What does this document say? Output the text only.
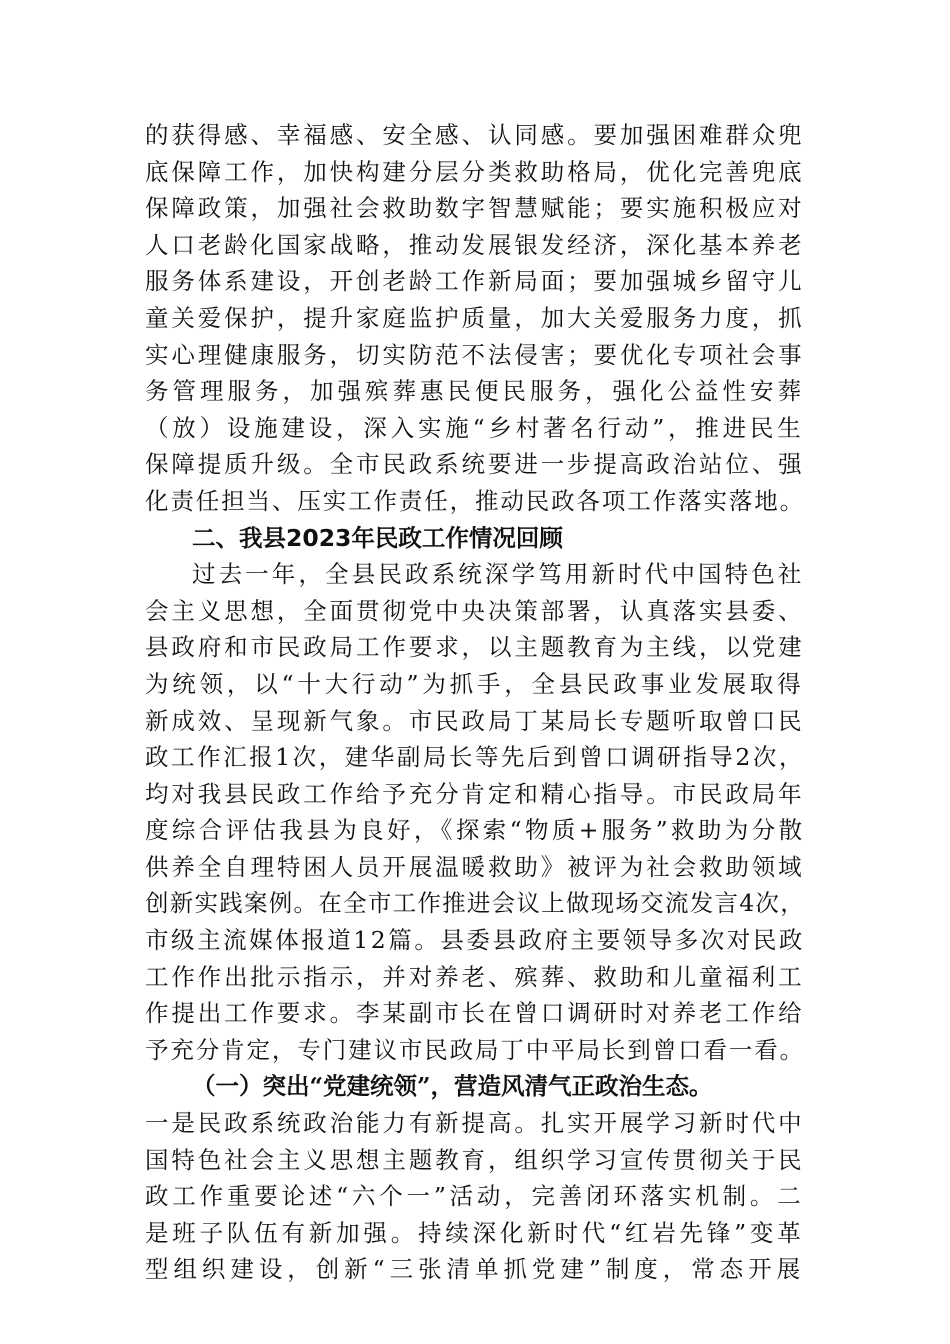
的获得感、幸福感、安全感、认同感。要加强困难群众兜
底保障工作，加快构建分层分类救助格局，优化完善兜底
保障政策，加强社会救助数字智慧赋能；要实施积极应对
人口老龄化国家战略，推动发展银发经济，深化基本养老
服务体系建设，开创老龄工作新局面；要加强城乡留守儿
童关爱保护，提升家庭监护质量，加大关爱服务力度，抓
实心理健康服务，切实防范不法侵害；要优化专项社会事
务管理服务，加强殡葬惠民便民服务，强化公益性安葬
（放）设施建设，深入实施“乡村著名行动”，推进民生
保障提质升级。全市民政系统要进一步提高政治站位、强
化责任担当、压实工作责任，推动民政各项工作落实落地。
二、我县2023年民政工作情况回顾
过去一年，全县民政系统深学笃用新时代中国特色社
会主义思想，全面贯彻党中央决策部署，认真落实县委、
县政府和市民政局工作要求，以主题教育为主线，以党建
为统领，以“十大行动”为抓手，全县民政事业发展取得
新成效、呈现新气象。市民政局丁某局长专题听取曾口民
政工作汇报1次，建华副局长等先后到曾口调研指导2次，
均对我县民政工作给予充分肯定和精心指导。市民政局年
度综合评估我县为良好，《探索“物质+服务”救助为分散
供养全自理特困人员开展温暖救助》被评为社会救助领域
创新实践案例。在全市工作推进会议上做现场交流发言4次，
市级主流媒体报道12篇。县委县政府主要领导多次对民政
工作作出批示指示，并对养老、殡葬、救助和儿童福利工
作提出工作要求。李某副市长在曾口调研时对养老工作给
予充分肯定，专门建议市民政局丁中平局长到曾口看一看。
（一）突出“党建统领”，营造风清气正政治生态。
一是民政系统政治能力有新提高。扎实开展学习新时代中
国特色社会主义思想主题教育，组织学习宣传贯彻关于民
政工作重要论述“六个一”活动，完善闭环落实机制。二
是班子队伍有新加强。持续深化新时代“红岩先锋”变革
型组织建设，创新“三张清单抓党建”制度，常态开展
